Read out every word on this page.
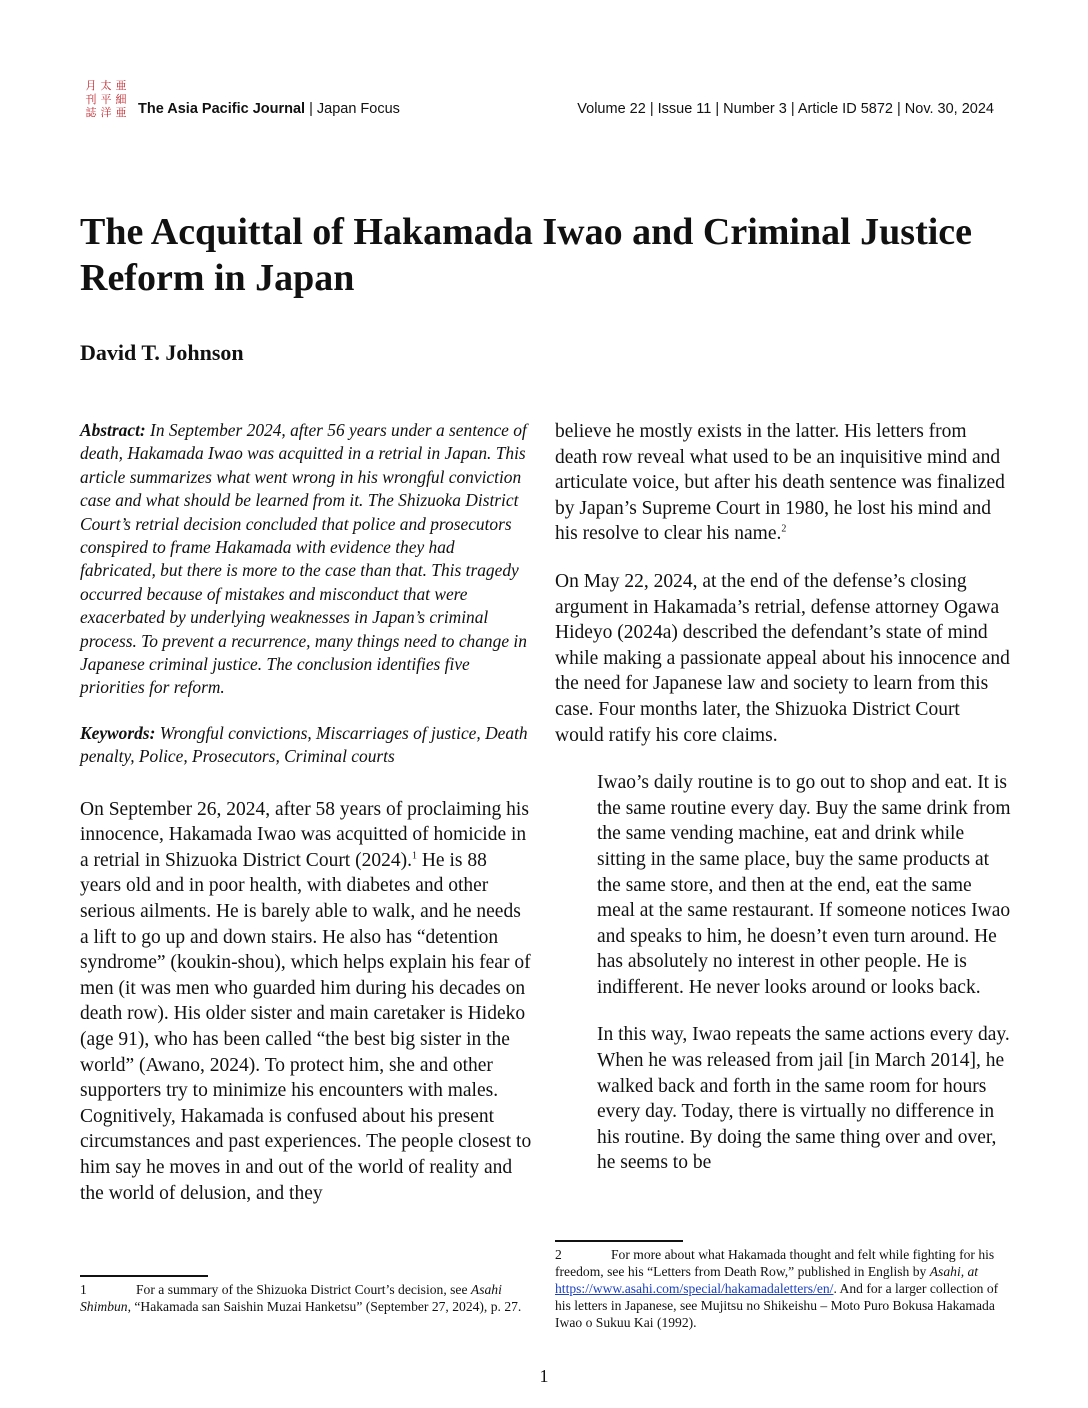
月 太 亜
刊 平 細
誌 洋 亜 The Asia Pacific Journal | Japan Focus	Volume 22 | Issue 11 | Number 3 | Article ID 5872 | Nov. 30, 2024
The Acquittal of Hakamada Iwao and Criminal Justice Reform in Japan
David T. Johnson

Abstract: In September 2024, after 56 years under a sentence of death, Hakamada Iwao was acquitted in a retrial in Japan. This article summarizes what went wrong in his wrongful conviction case and what should be learned from it. The Shizuoka District Court’s retrial decision concluded that police and prosecutors conspired to frame Hakamada with evidence they had fabricated, but there is more to the case than that. This tragedy occurred because of mistakes and misconduct that were exacerbated by underlying weaknesses in Japan’s criminal process. To prevent a recurrence, many things need to change in Japanese criminal justice. The conclusion identifies five priorities for reform.

Keywords: Wrongful convictions, Miscarriages of justice, Death penalty, Police, Prosecutors, Criminal courts

On September 26, 2024, after 58 years of proclaiming his innocence, Hakamada Iwao was acquitted of homicide in a retrial in Shizuoka District Court (2024).$^1$ He is 88 years old and in poor health, with diabetes and other serious ailments. He is barely able to walk, and he needs a lift to go up and down stairs. He also has “detention syndrome” (koukin-shou), which helps explain his fear of men (it was men who guarded him during his decades on death row). His older sister and main caretaker is Hideko (age 91), who has been called “the best big sister in the world” (Awano, 2024). To protect him, she and other supporters try to minimize his encounters with males. Cognitively, Hakamada is confused about his present circumstances and past experiences. The people closest to him say he moves in and out of the world of reality and the world of delusion, and they

believe he mostly exists in the latter. His letters from death row reveal what used to be an inquisitive mind and articulate voice, but after his death sentence was finalized by Japan’s Supreme Court in 1980, he lost his mind and his resolve to clear his name.$^2$

On May 22, 2024, at the end of the defense’s closing argument in Hakamada’s retrial, defense attorney Ogawa Hideyo (2024a) described the defendant’s state of mind while making a passionate appeal about his innocence and the need for Japanese law and society to learn from this case. Four months later, the Shizuoka District Court would ratify his core claims.

Iwao’s daily routine is to go out to shop and eat. It is the same routine every day. Buy the same drink from the same vending machine, eat and drink while sitting in the same place, buy the same products at the same store, and then at the end, eat the same meal at the same restaurant. If someone notices Iwao and speaks to him, he doesn’t even turn around. He has absolutely no interest in other people. He is indifferent. He never looks around or looks back.

In this way, Iwao repeats the same actions every day. When he was released from jail [in March 2014], he walked back and forth in the same room for hours every day. Today, there is virtually no difference in his routine. By doing the same thing over and over, he seems to be

1	For a summary of the Shizuoka District Court’s decision, see Asahi Shimbun, “Hakamada san Saishin Muzai Hanketsu” (September 27, 2024), p. 27.
2	For more about what Hakamada thought and felt while fighting for his freedom, see his “Letters from Death Row,” published in English by Asahi, at https://www.asahi.com/special/hakamadaletters/en/. And for a larger collection of his letters in Japanese, see Mujitsu no Shikeishu – Moto Puro Bokusa Hakamada Iwao o Sukuu Kai (1992).
1
